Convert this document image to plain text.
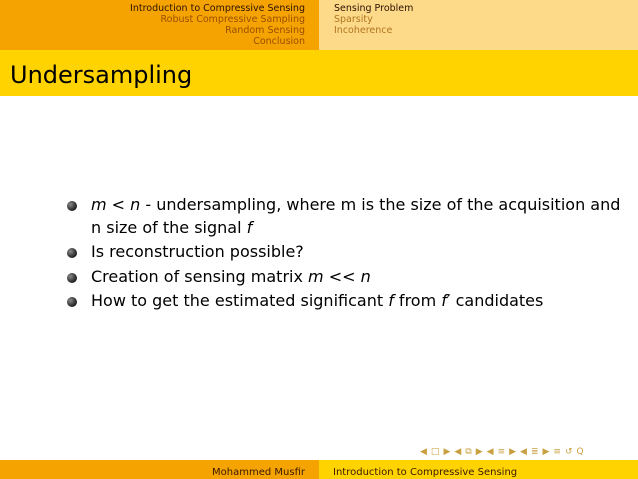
Introduction to Compressive Sensing
Robust Compressive Sampling
Random Sensing
Conclusion
Sensing Problem
Sparsity
Incoherence
Undersampling
m < n - undersampling, where m is the size of the acquisition and n size of the signal f
Is reconstruction possible?
Creation of sensing matrix m << n
How to get the estimated significant f from f′ candidates
◀ □ ▶ ◀ ⧉ ▶ ◀ ≡ ▶ ◀ ≣ ▶ ≡ ↺ Q
Mohammed Musfir	Introduction to Compressive Sensing
